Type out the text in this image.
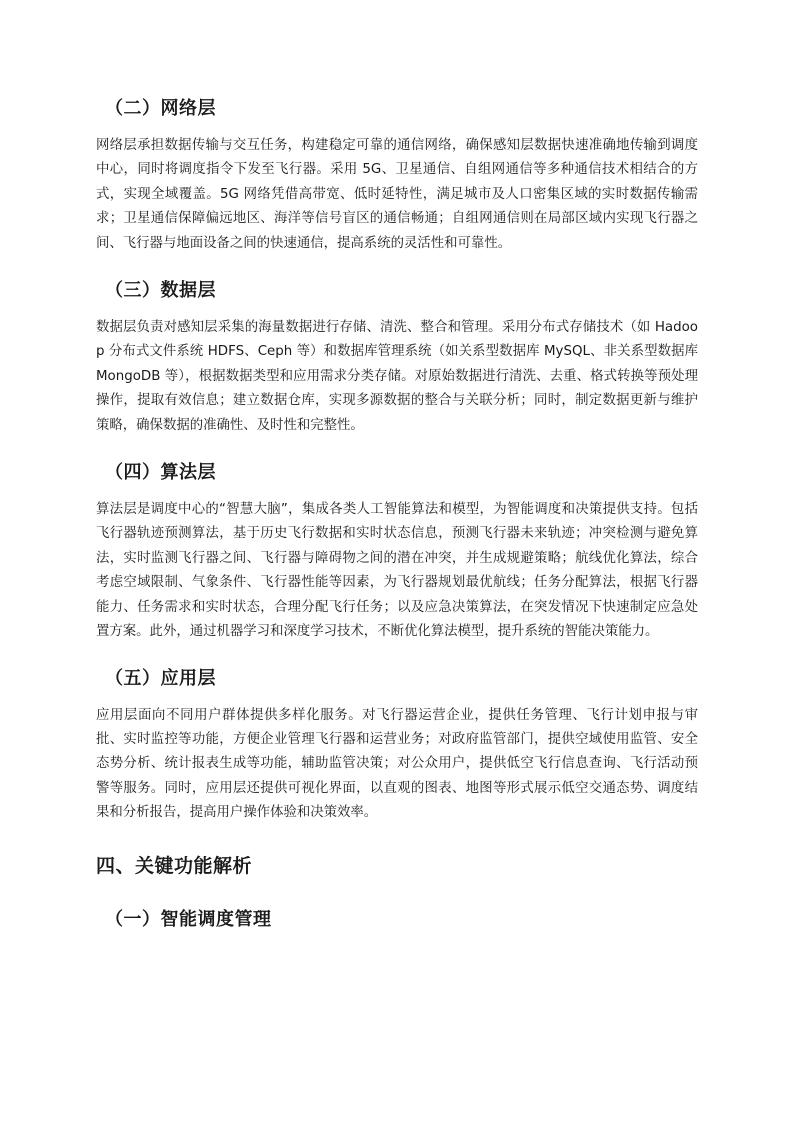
（二）网络层

网络层承担数据传输与交互任务，构建稳定可靠的通信网络，确保感知层数据快速准确地传输到调度中心，同时将调度指令下发至飞行器。采用 5G、卫星通信、自组网通信等多种通信技术相结合的方式，实现全域覆盖。5G 网络凭借高带宽、低时延特性，满足城市及人口密集区域的实时数据传输需求；卫星通信保障偏远地区、海洋等信号盲区的通信畅通；自组网通信则在局部区域内实现飞行器之间、飞行器与地面设备之间的快速通信，提高系统的灵活性和可靠性。

（三）数据层

数据层负责对感知层采集的海量数据进行存储、清洗、整合和管理。采用分布式存储技术（如 Hadoop 分布式文件系统 HDFS、Ceph 等）和数据库管理系统（如关系型数据库 MySQL、非关系型数据库 MongoDB 等），根据数据类型和应用需求分类存储。对原始数据进行清洗、去重、格式转换等预处理操作，提取有效信息；建立数据仓库，实现多源数据的整合与关联分析；同时，制定数据更新与维护策略，确保数据的准确性、及时性和完整性。

（四）算法层

算法层是调度中心的“智慧大脑”，集成各类人工智能算法和模型，为智能调度和决策提供支持。包括飞行器轨迹预测算法，基于历史飞行数据和实时状态信息，预测飞行器未来轨迹；冲突检测与避免算法，实时监测飞行器之间、飞行器与障碍物之间的潜在冲突，并生成规避策略；航线优化算法，综合考虑空域限制、气象条件、飞行器性能等因素，为飞行器规划最优航线；任务分配算法，根据飞行器能力、任务需求和实时状态，合理分配飞行任务；以及应急决策算法，在突发情况下快速制定应急处置方案。此外，通过机器学习和深度学习技术，不断优化算法模型，提升系统的智能决策能力。

（五）应用层

应用层面向不同用户群体提供多样化服务。对飞行器运营企业，提供任务管理、飞行计划申报与审批、实时监控等功能，方便企业管理飞行器和运营业务；对政府监管部门，提供空域使用监管、安全态势分析、统计报表生成等功能，辅助监管决策；对公众用户，提供低空飞行信息查询、飞行活动预警等服务。同时，应用层还提供可视化界面，以直观的图表、地图等形式展示低空交通态势、调度结果和分析报告，提高用户操作体验和决策效率。

四、关键功能解析
（一）智能调度管理
